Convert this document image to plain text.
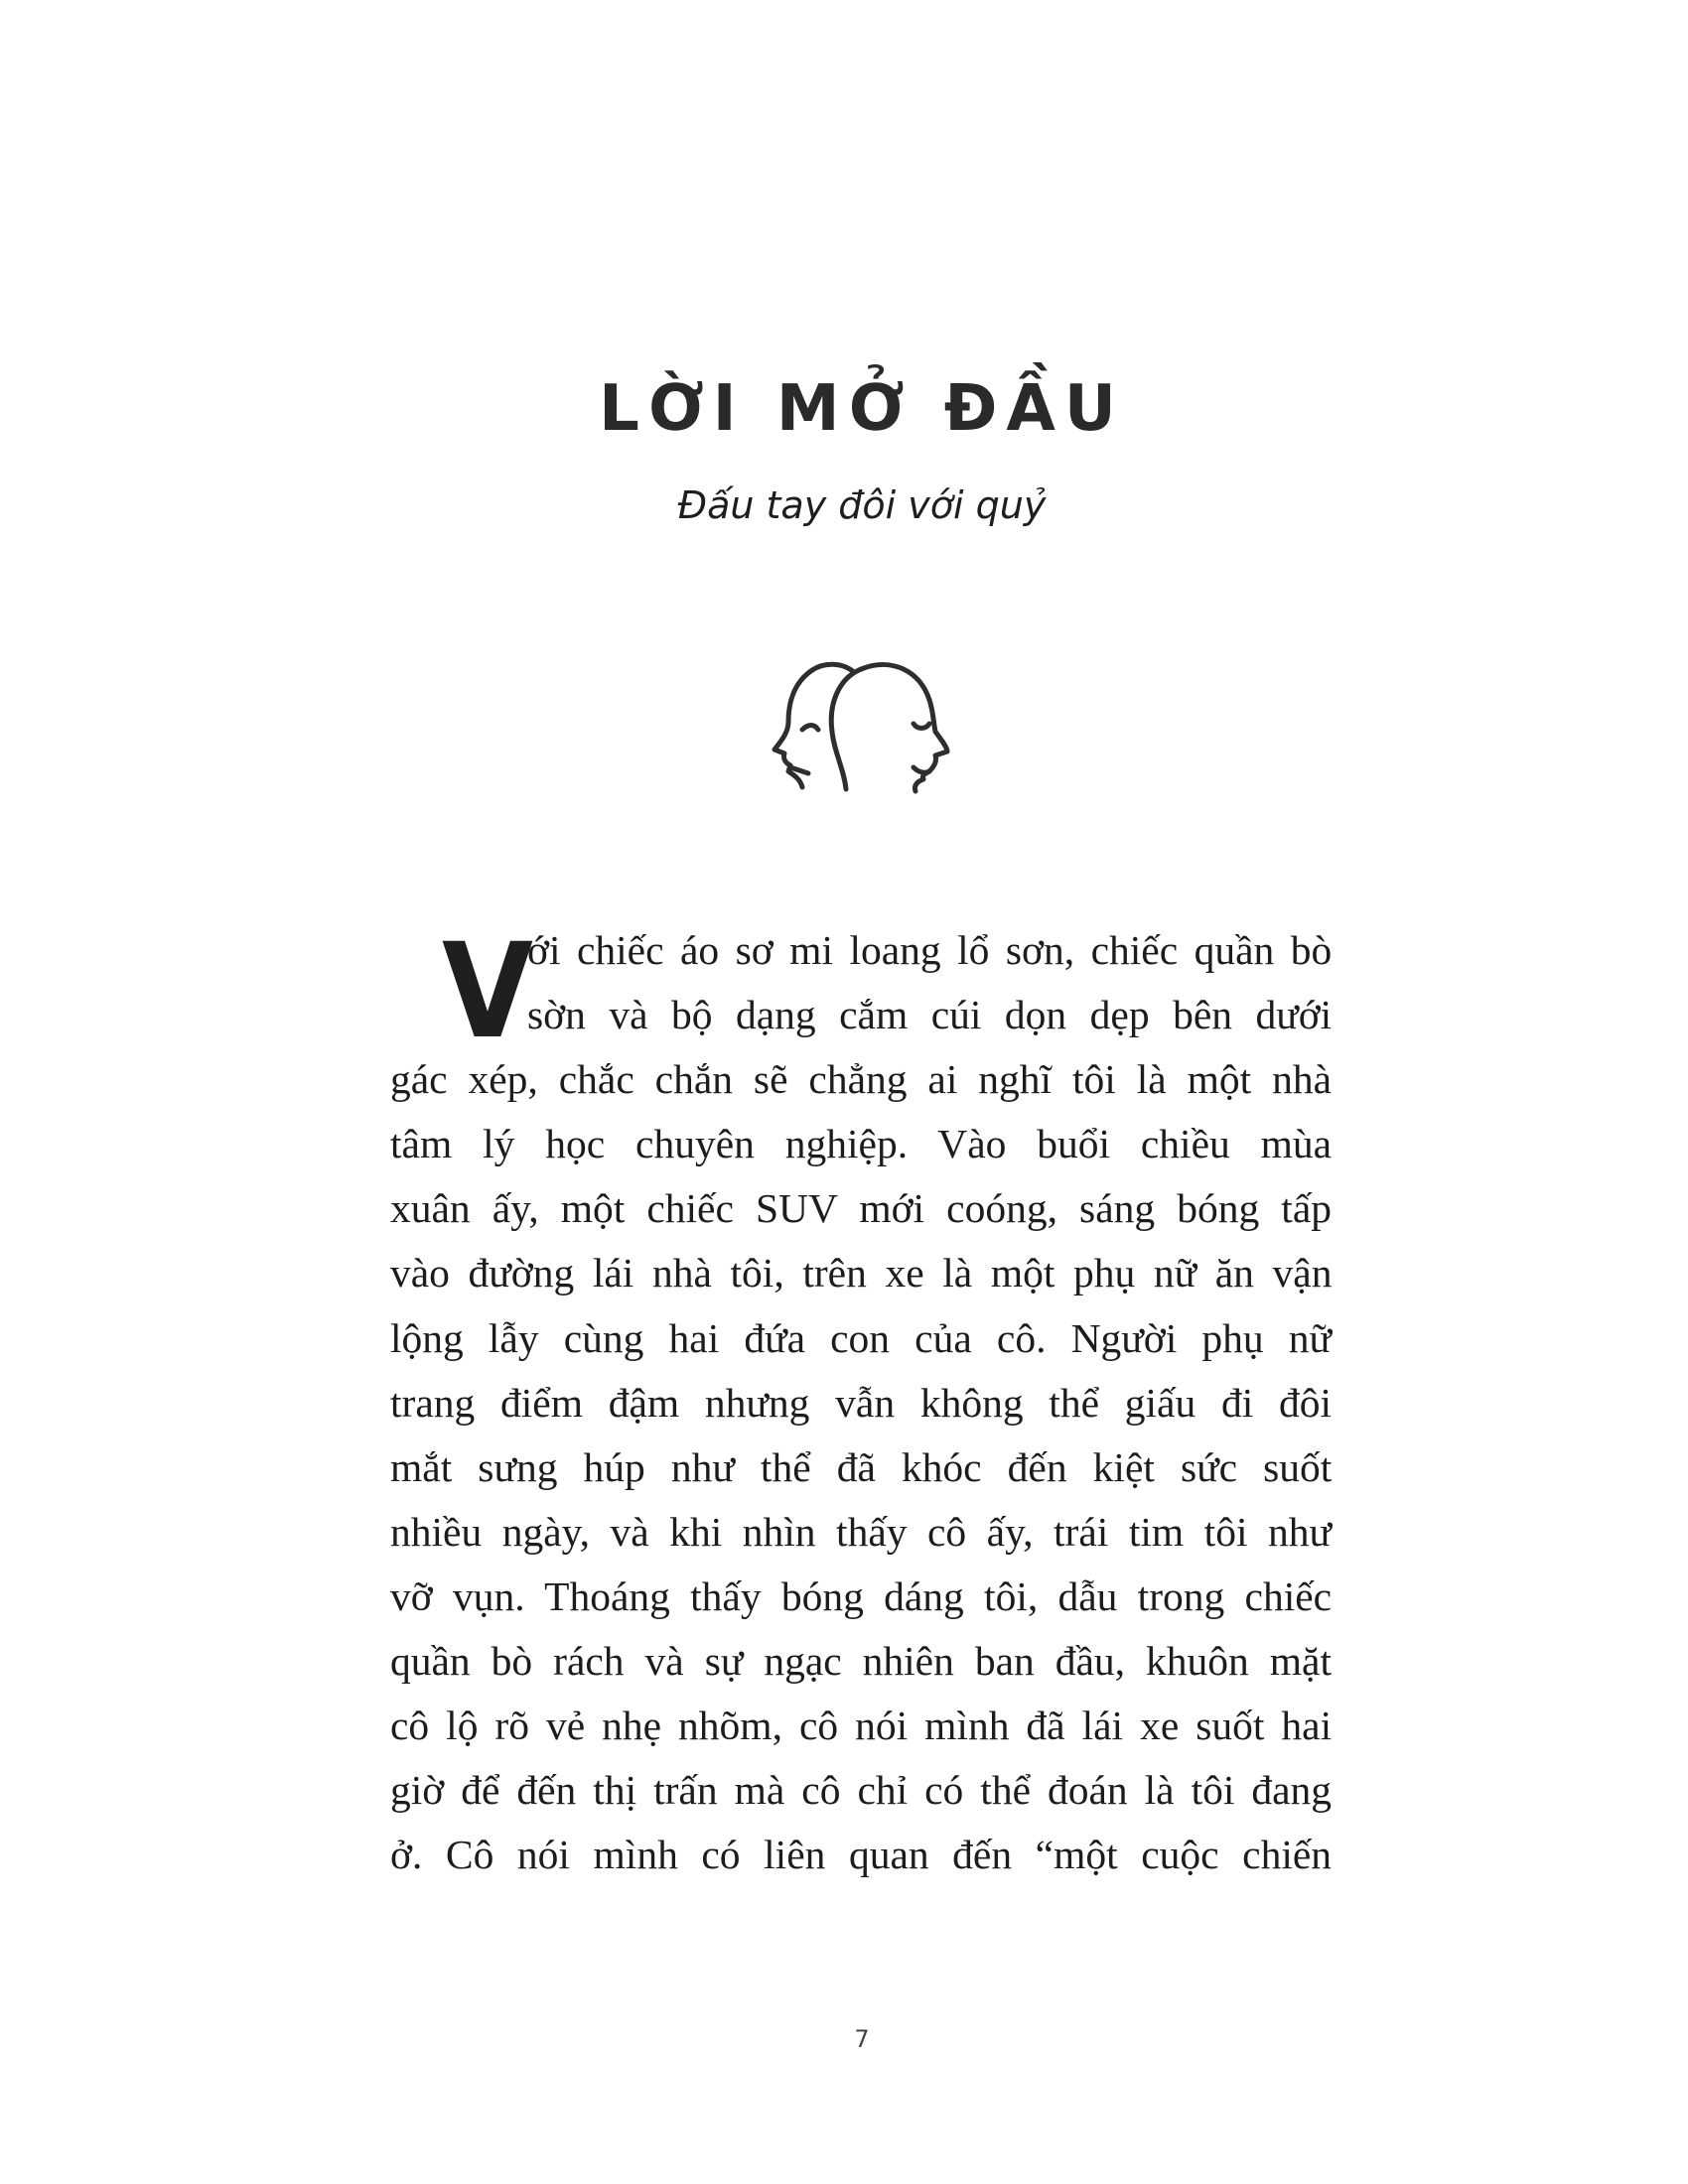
LỜI MỞ ĐẦU
Đấu tay đôi với quỷ
V
ới chiếc áo sơ mi loang lổ sơn, chiếc quần bò
sờn và bộ dạng cắm cúi dọn dẹp bên dưới
gác xép, chắc chắn sẽ chẳng ai nghĩ tôi là một nhà
tâm lý học chuyên nghiệp. Vào buổi chiều mùa
xuân ấy, một chiếc SUV mới coóng, sáng bóng tấp
vào đường lái nhà tôi, trên xe là một phụ nữ ăn vận
lộng lẫy cùng hai đứa con của cô. Người phụ nữ
trang điểm đậm nhưng vẫn không thể giấu đi đôi
mắt sưng húp như thể đã khóc đến kiệt sức suốt
nhiều ngày, và khi nhìn thấy cô ấy, trái tim tôi như
vỡ vụn. Thoáng thấy bóng dáng tôi, dẫu trong chiếc
quần bò rách và sự ngạc nhiên ban đầu, khuôn mặt
cô lộ rõ vẻ nhẹ nhõm, cô nói mình đã lái xe suốt hai
giờ để đến thị trấn mà cô chỉ có thể đoán là tôi đang
ở. Cô nói mình có liên quan đến “một cuộc chiến
7
